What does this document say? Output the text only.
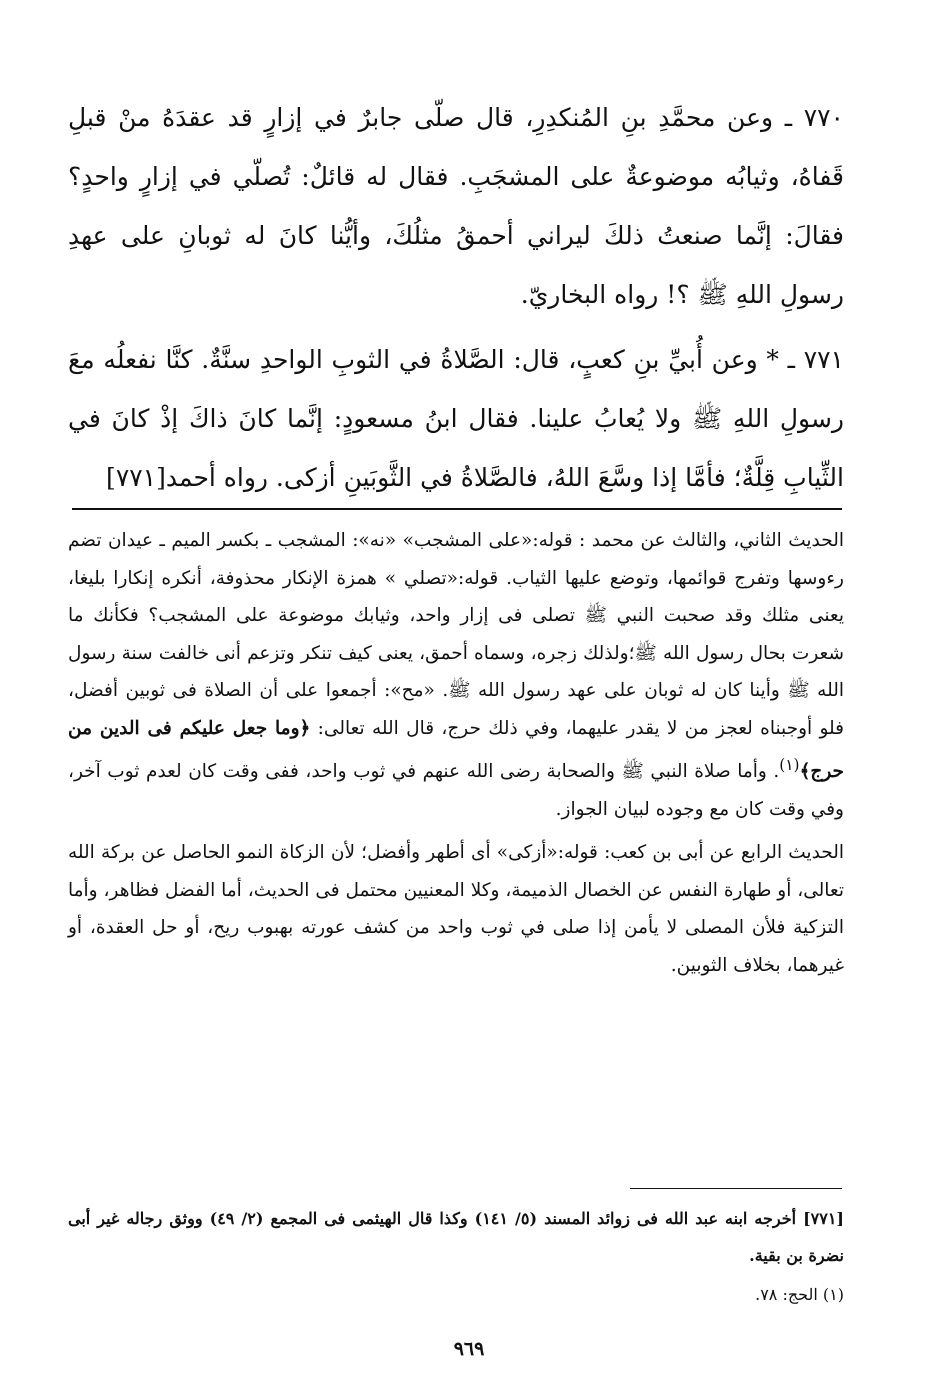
٧٧٠ ـ وعن محمَّدِ بنِ المُنكدِرِ، قال صلّى جابرٌ في إزارٍ قد عقدَهُ منْ قبلِ قَفاهُ، وثيابُه موضوعةٌ على المشجَبِ. فقال له قائلٌ: تُصلّي في إزارٍ واحدٍ؟ فقالَ: إنَّما صنعتُ ذلكَ ليراني أحمقُ مثلُكَ، وأيُّنا كانَ له ثوبانِ على عهدِ رسولِ اللهِ ﷺ ؟! رواه البخاريّ.

٧٧١ ـ * وعن أُبيِّ بنِ كعبٍ، قال: الصَّلاةُ في الثوبِ الواحدِ سنَّةٌ. كنَّا نفعلُه معَ رسولِ اللهِ ﷺ ولا يُعابُ علينا. فقال ابنُ مسعودٍ: إنَّما كانَ ذاكَ إذْ كانَ في الثِّيابِ قِلَّةٌ؛ فأمَّا إذا وسَّعَ اللهُ، فالصَّلاةُ في الثَّوبَينِ أزكى. رواه أحمد[٧٧١]

الحديث الثاني، والثالث عن محمد : قوله:«على المشجب» «نه»: المشجب ـ بكسر الميم ـ عيدان تضم رءوسها وتفرج قوائمها، وتوضع عليها الثياب. قوله:«تصلي » همزة الإنكار محذوفة، أنكره إنكارا بليغا، يعنى مثلك وقد صحبت النبي ﷺ تصلى فى إزار واحد، وثيابك موضوعة على المشجب؟ فكأنك ما شعرت بحال رسول الله ﷺ؛ولذلك زجره، وسماه أحمق، يعنى كيف تنكر وتزعم أنى خالفت سنة رسول الله ﷺ وأينا كان له ثوبان على عهد رسول الله ﷺ. «مح»: أجمعوا على أن الصلاة فى ثوبين أفضل، فلو أوجبناه لعجز من لا يقدر عليهما، وفي ذلك حرج، قال الله تعالى: ﴿وما جعل عليكم فى الدين من حرج﴾$^{(١)}$. وأما صلاة النبي ﷺ والصحابة رضى الله عنهم في ثوب واحد، ففى وقت كان لعدم ثوب آخر، وفي وقت كان مع وجوده لبيان الجواز.

الحديث الرابع عن أبى بن كعب: قوله:«أزكى» أى أطهر وأفضل؛ لأن الزكاة النمو الحاصل عن بركة الله تعالى، أو طهارة النفس عن الخصال الذميمة، وكلا المعنيين محتمل فى الحديث، أما الفضل فظاهر، وأما التزكية فلأن المصلى لا يأمن إذا صلى في ثوب واحد من كشف عورته بهبوب ريح، أو حل العقدة، أو غيرهما، بخلاف الثوبين.

[٧٧١] أخرجه ابنه عبد الله فى زوائد المسند (٥/ ١٤١) وكذا قال الهيثمى فى المجمع (٢/ ٤٩) ووثق رجاله غير أبى نضرة بن بقية.

(١) الحج: ٧٨.

٩٦٩
